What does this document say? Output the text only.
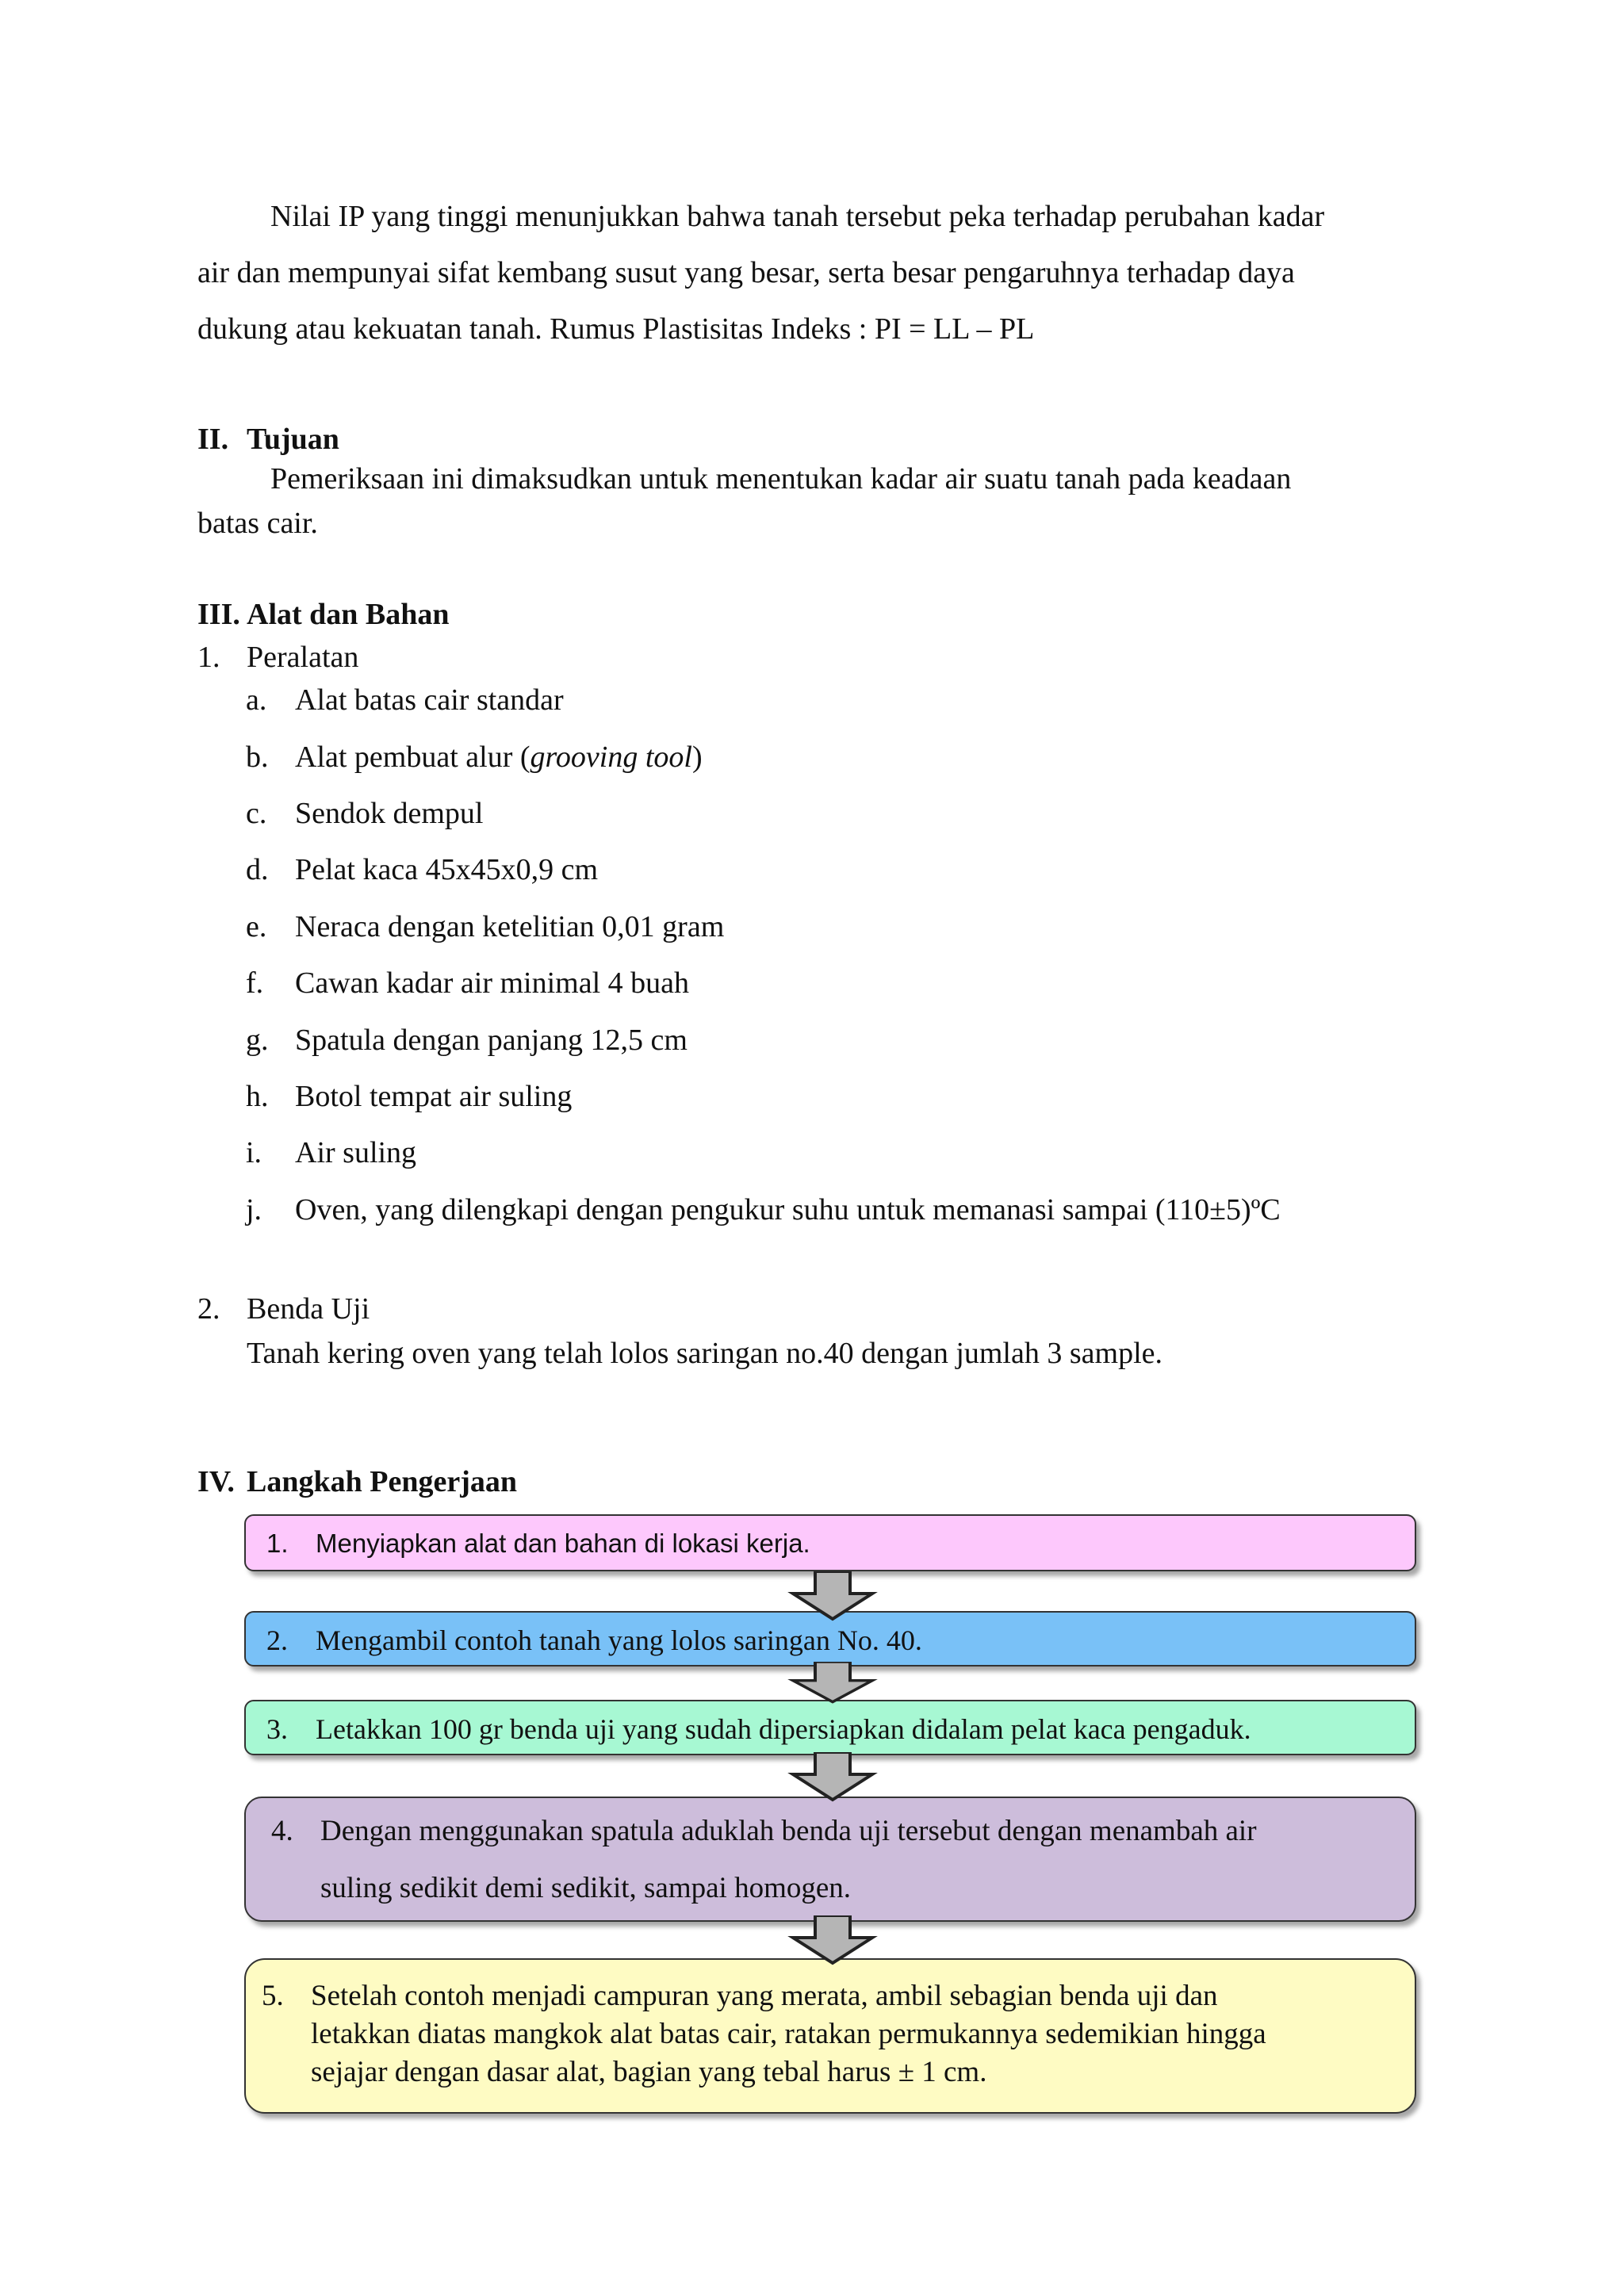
Nilai IP yang tinggi menunjukkan bahwa tanah tersebut peka terhadap perubahan kadar
air dan mempunyai sifat kembang susut yang besar, serta besar pengaruhnya terhadap daya
dukung atau kekuatan tanah. Rumus Plastisitas Indeks : PI = LL – PL

II. Tujuan

Pemeriksaan ini dimaksudkan untuk menentukan kadar air suatu tanah pada keadaan
batas cair.

III. Alat dan Bahan

1. Peralatan

a. Alat batas cair standar
b. Alat pembuat alur (grooving tool)
c. Sendok dempul
d. Pelat kaca 45x45x0,9 cm
e. Neraca dengan ketelitian 0,01 gram
f. Cawan kadar air minimal 4 buah
g. Spatula dengan panjang 12,5 cm
h. Botol tempat air suling
i. Air suling
j. Oven, yang dilengkapi dengan pengukur suhu untuk memanasi sampai (110±5)ºC

2. Benda Uji

Tanah kering oven yang telah lolos saringan no.40 dengan jumlah 3 sample.

IV. Langkah Pengerjaan

1. Menyiapkan alat dan bahan di lokasi kerja.
2. Mengambil contoh tanah yang lolos saringan No. 40.
3. Letakkan 100 gr benda uji yang sudah dipersiapkan didalam pelat kaca pengaduk.
4. Dengan menggunakan spatula aduklah benda uji tersebut dengan menambah air
suling sedikit demi sedikit, sampai homogen.
5. Setelah contoh menjadi campuran yang merata, ambil sebagian benda uji dan
letakkan diatas mangkok alat batas cair, ratakan permukannya sedemikian hingga
sejajar dengan dasar alat, bagian yang tebal harus ± 1 cm.
